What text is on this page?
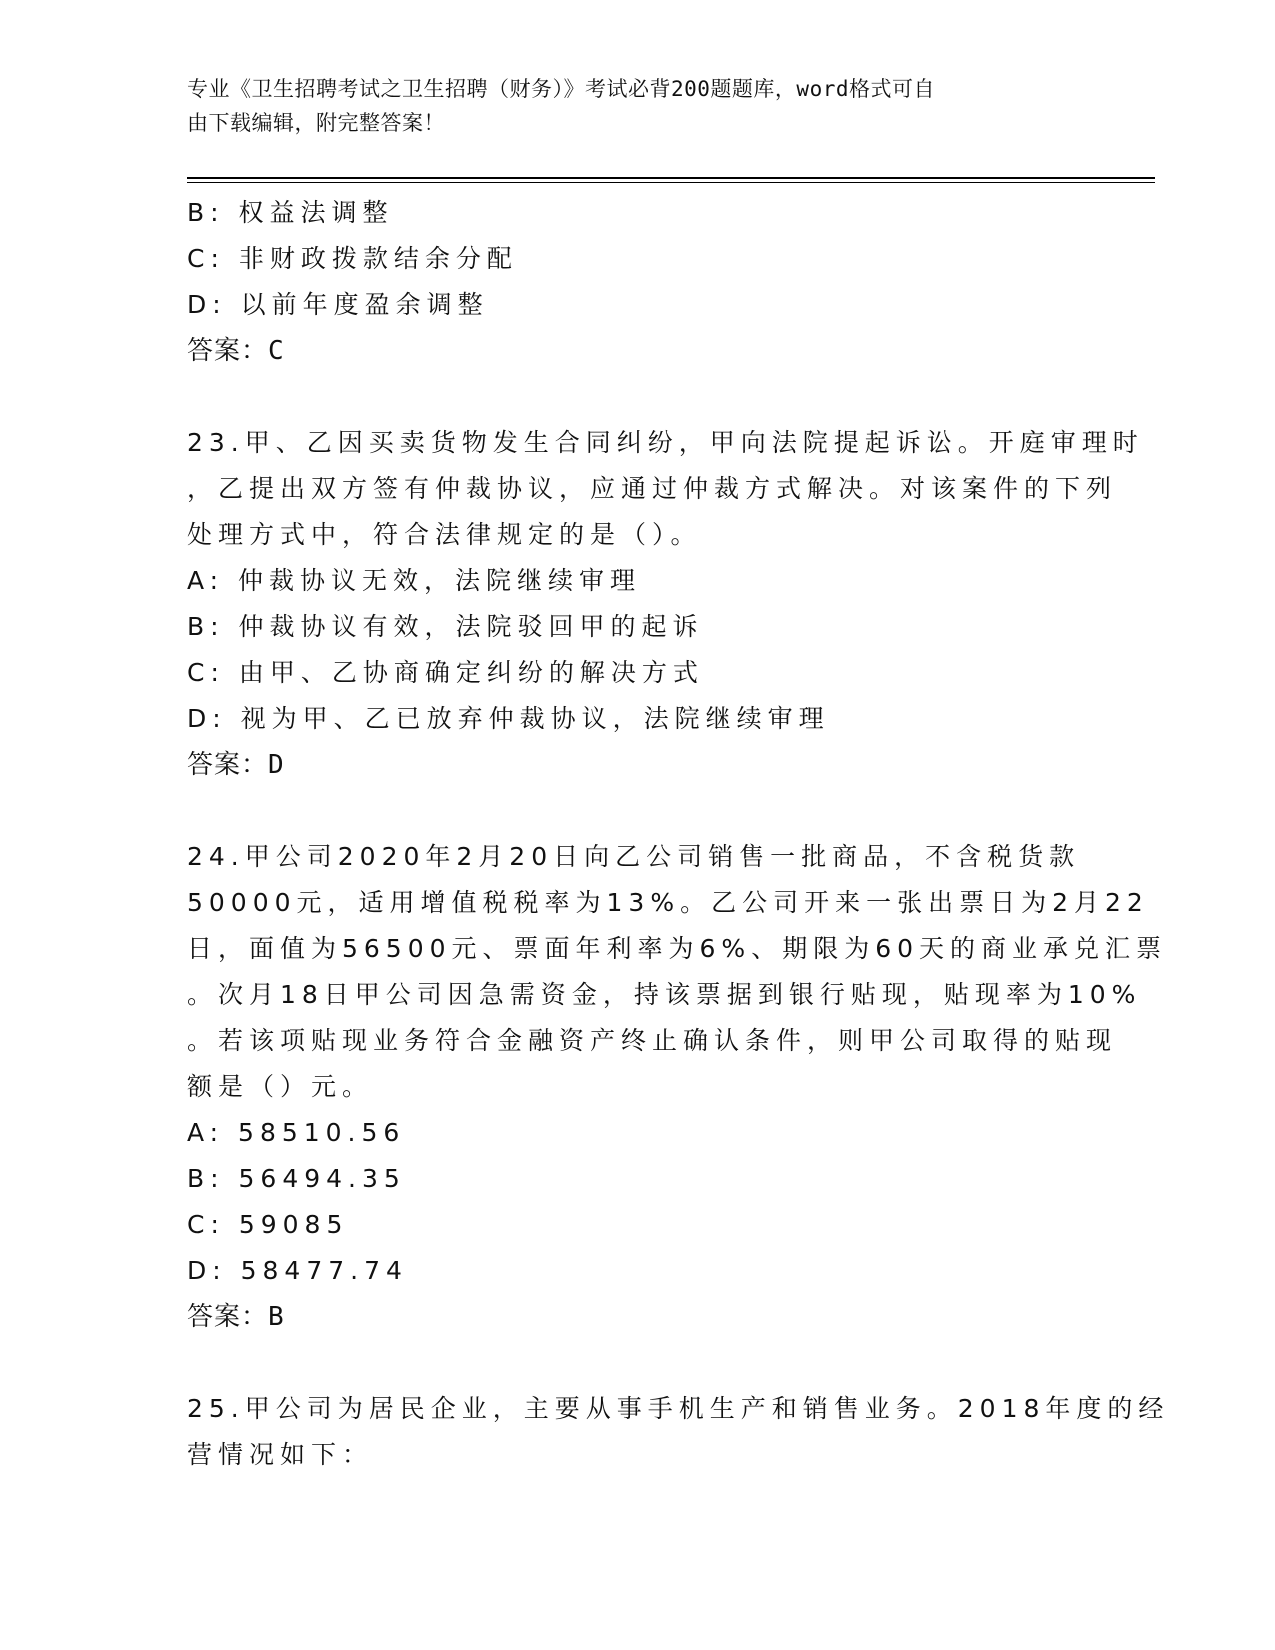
专业《卫生招聘考试之卫生招聘（财务）》考试必背200题题库，word格式可自
由下载编辑，附完整答案！
B: 权益法调整
C: 非财政拨款结余分配
D: 以前年度盈余调整
答案：C
23.甲、乙因买卖货物发生合同纠纷，甲向法院提起诉讼。开庭审理时
，乙提出双方签有仲裁协议，应通过仲裁方式解决。对该案件的下列
处理方式中，符合法律规定的是（）。
A: 仲裁协议无效，法院继续审理
B: 仲裁协议有效，法院驳回甲的起诉
C: 由甲、乙协商确定纠纷的解决方式
D: 视为甲、乙已放弃仲裁协议，法院继续审理
答案：D
24.甲公司2020年2月20日向乙公司销售一批商品，不含税货款
50000元，适用增值税税率为13%。乙公司开来一张出票日为2月22
日，面值为56500元、票面年利率为6%、期限为60天的商业承兑汇票
。次月18日甲公司因急需资金，持该票据到银行贴现，贴现率为10%
。若该项贴现业务符合金融资产终止确认条件，则甲公司取得的贴现
额是（）元。
A: 58510.56
B: 56494.35
C: 59085
D: 58477.74
答案：B
25.甲公司为居民企业，主要从事手机生产和销售业务。2018年度的经
营情况如下：
